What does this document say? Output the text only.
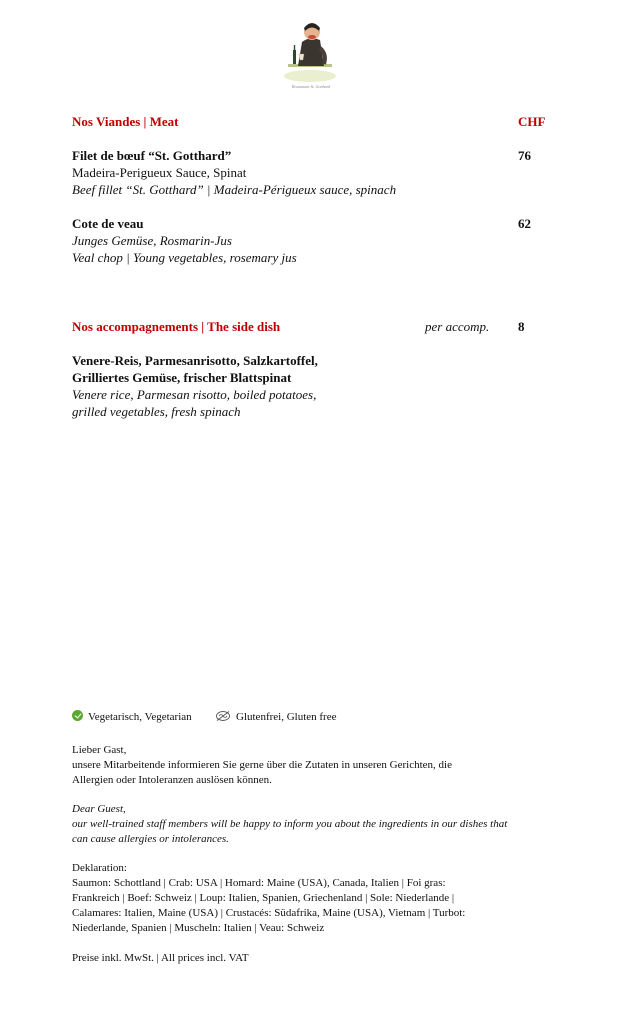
Restaurant St. Gotthard
Nos Viandes | Meat	CHF
Filet de bœuf “St. Gotthard”	76
Madeira-Perigueux Sauce, Spinat
Beef fillet “St. Gotthard” | Madeira-Périgueux sauce, spinach
Cote de veau	62
Junges Gemüse, Rosmarin-Jus
Veal chop | Young vegetables, rosemary jus
Nos accompagnements | The side dish	per accomp. 8
Venere-Reis, Parmesanrisotto, Salzkartoffel,
Grilliertes Gemüse, frischer Blattspinat
Venere rice, Parmesan risotto, boiled potatoes,
grilled vegetables, fresh spinach
Vegetarisch, Vegetarian	Glutenfrei, Gluten free
Lieber Gast,
unsere Mitarbeitende informieren Sie gerne über die Zutaten in unseren Gerichten, die
Allergien oder Intoleranzen auslösen können.
Dear Guest,
our well-trained staff members will be happy to inform you about the ingredients in our dishes that
can cause allergies or intolerances.
Deklaration:
Saumon: Schottland | Crab: USA | Homard: Maine (USA), Canada, Italien | Foi gras:
Frankreich | Boef: Schweiz | Loup: Italien, Spanien, Griechenland | Sole: Niederlande |
Calamares: Italien, Maine (USA) | Crustacés: Südafrika, Maine (USA), Vietnam | Turbot:
Niederlande, Spanien | Muscheln: Italien | Veau: Schweiz
Preise inkl. MwSt. | All prices incl. VAT
